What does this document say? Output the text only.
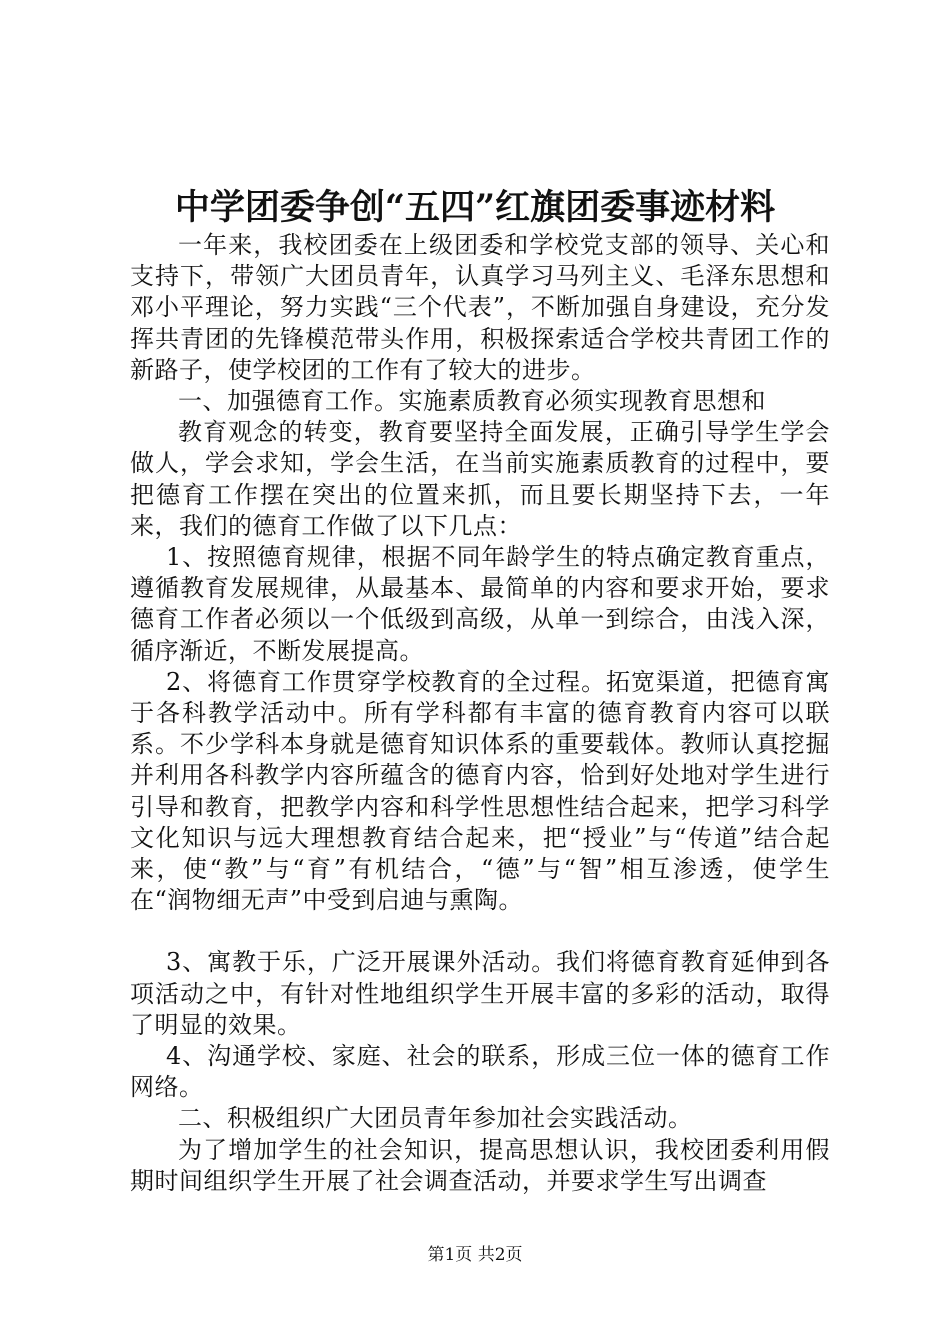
中学团委争创“五四”红旗团委事迹材料

一年来，我校团委在上级团委和学校党支部的领导、关心和支持下，带领广大团员青年，认真学习马列主义、毛泽东思想和邓小平理论，努力实践“三个代表”，不断加强自身建设，充分发挥共青团的先锋模范带头作用，积极探索适合学校共青团工作的新路子，使学校团的工作有了较大的进步。

一、加强德育工作。实施素质教育必须实现教育思想和

教育观念的转变，教育要坚持全面发展，正确引导学生学会做人，学会求知，学会生活，在当前实施素质教育的过程中，要把德育工作摆在突出的位置来抓，而且要长期坚持下去，一年来，我们的德育工作做了以下几点：

1、按照德育规律，根据不同年龄学生的特点确定教育重点，遵循教育发展规律，从最基本、最简单的内容和要求开始，要求德育工作者必须以一个低级到高级，从单一到综合，由浅入深，循序渐近，不断发展提高。

2、将德育工作贯穿学校教育的全过程。拓宽渠道，把德育寓于各科教学活动中。所有学科都有丰富的德育教育内容可以联系。不少学科本身就是德育知识体系的重要载体。教师认真挖掘并利用各科教学内容所蕴含的德育内容，恰到好处地对学生进行引导和教育，把教学内容和科学性思想性结合起来，把学习科学文化知识与远大理想教育结合起来，把“授业”与“传道”结合起来，使“教”与“育”有机结合，“德”与“智”相互渗透，使学生在“润物细无声”中受到启迪与熏陶。

3、寓教于乐，广泛开展课外活动。我们将德育教育延伸到各项活动之中，有针对性地组织学生开展丰富的多彩的活动，取得了明显的效果。

4、沟通学校、家庭、社会的联系，形成三位一体的德育工作网络。

二、积极组织广大团员青年参加社会实践活动。

为了增加学生的社会知识，提高思想认识，我校团委利用假期时间组织学生开展了社会调查活动，并要求学生写出调查

第1页 共2页
